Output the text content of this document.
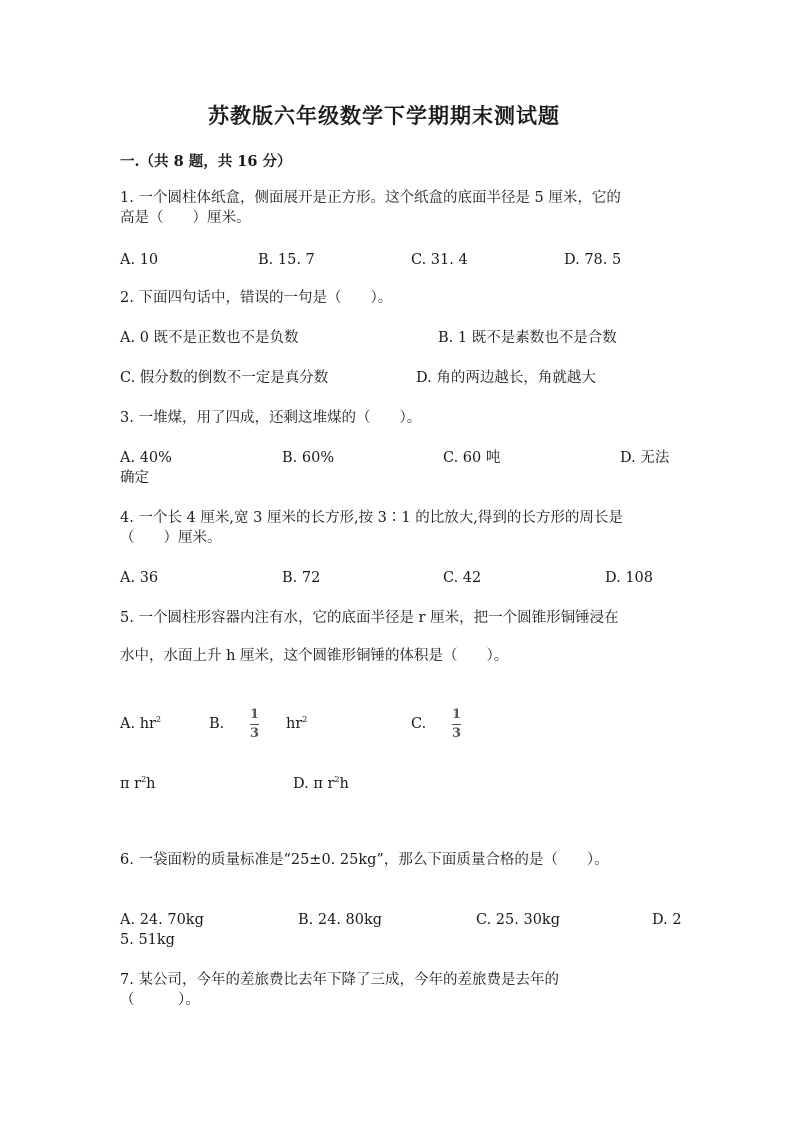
苏教版六年级数学下学期期末测试题
一.（共 8 题，共 16 分）
1. 一个圆柱体纸盒，侧面展开是正方形。这个纸盒的底面半径是 5 厘米，它的
高是（　　）厘米。
A. 10	B. 15. 7	C. 31. 4	D. 78. 5
2. 下面四句话中，错误的一句是（　　）。
A. 0 既不是正数也不是负数	B. 1 既不是素数也不是合数
C. 假分数的倒数不一定是真分数	D. 角的两边越长，角就越大
3. 一堆煤，用了四成，还剩这堆煤的（　　）。
A. 40%	B. 60%	C. 60 吨	D. 无法
确定
4. 一个长 4 厘米,宽 3 厘米的长方形,按 3∶1 的比放大,得到的长方形的周长是
（　　）厘米。
A. 36	B. 72	C. 42	D. 108
5. 一个圆柱形容器内注有水，它的底面半径是 r 厘米，把一个圆锥形铜锤浸在
水中，水面上升 h 厘米，这个圆锥形铜锤的体积是（　　）。
A. $hr^2$	B.
1
3
$hr^2$	C.
1
3
π $r^2h$	D. π $r^2h$
6. 一袋面粉的质量标准是“25±0. 25kg”，那么下面质量合格的是（　　）。
A. 24. 70kg	B. 24. 80kg	C. 25. 30kg	D. 2
5. 51kg
7. 某公司，今年的差旅费比去年下降了三成，今年的差旅费是去年的
（　　　）。
